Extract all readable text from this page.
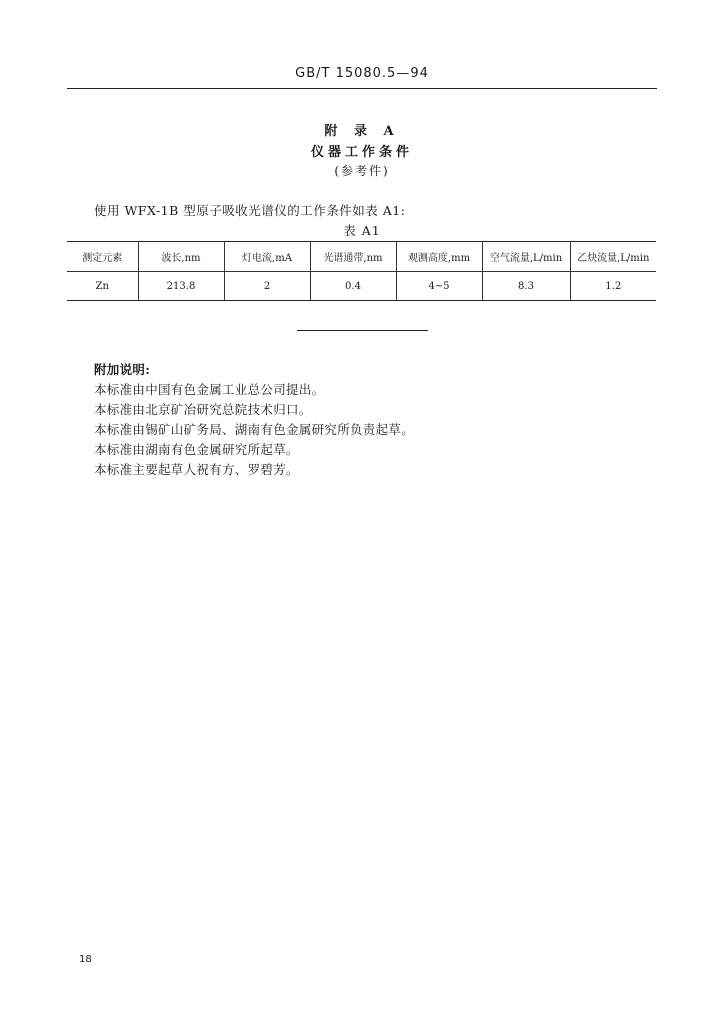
GB/T 15080.5—94
附 录 A
仪器工作条件
(参考件)
使用 WFX-1B 型原子吸收光谱仪的工作条件如表 A1:
表 A1
测定元素	波长,nm	灯电流,mA	光谱通带,nm	观测高度,mm	空气流量,L/min	乙炔流量,L/min
Zn	213.8	2	0.4	4~5	8.3	1.2
附加说明:
本标准由中国有色金属工业总公司提出。
本标准由北京矿冶研究总院技术归口。
本标准由锡矿山矿务局、湖南有色金属研究所负责起草。
本标准由湖南有色金属研究所起草。
本标准主要起草人祝有方、罗碧芳。
18
